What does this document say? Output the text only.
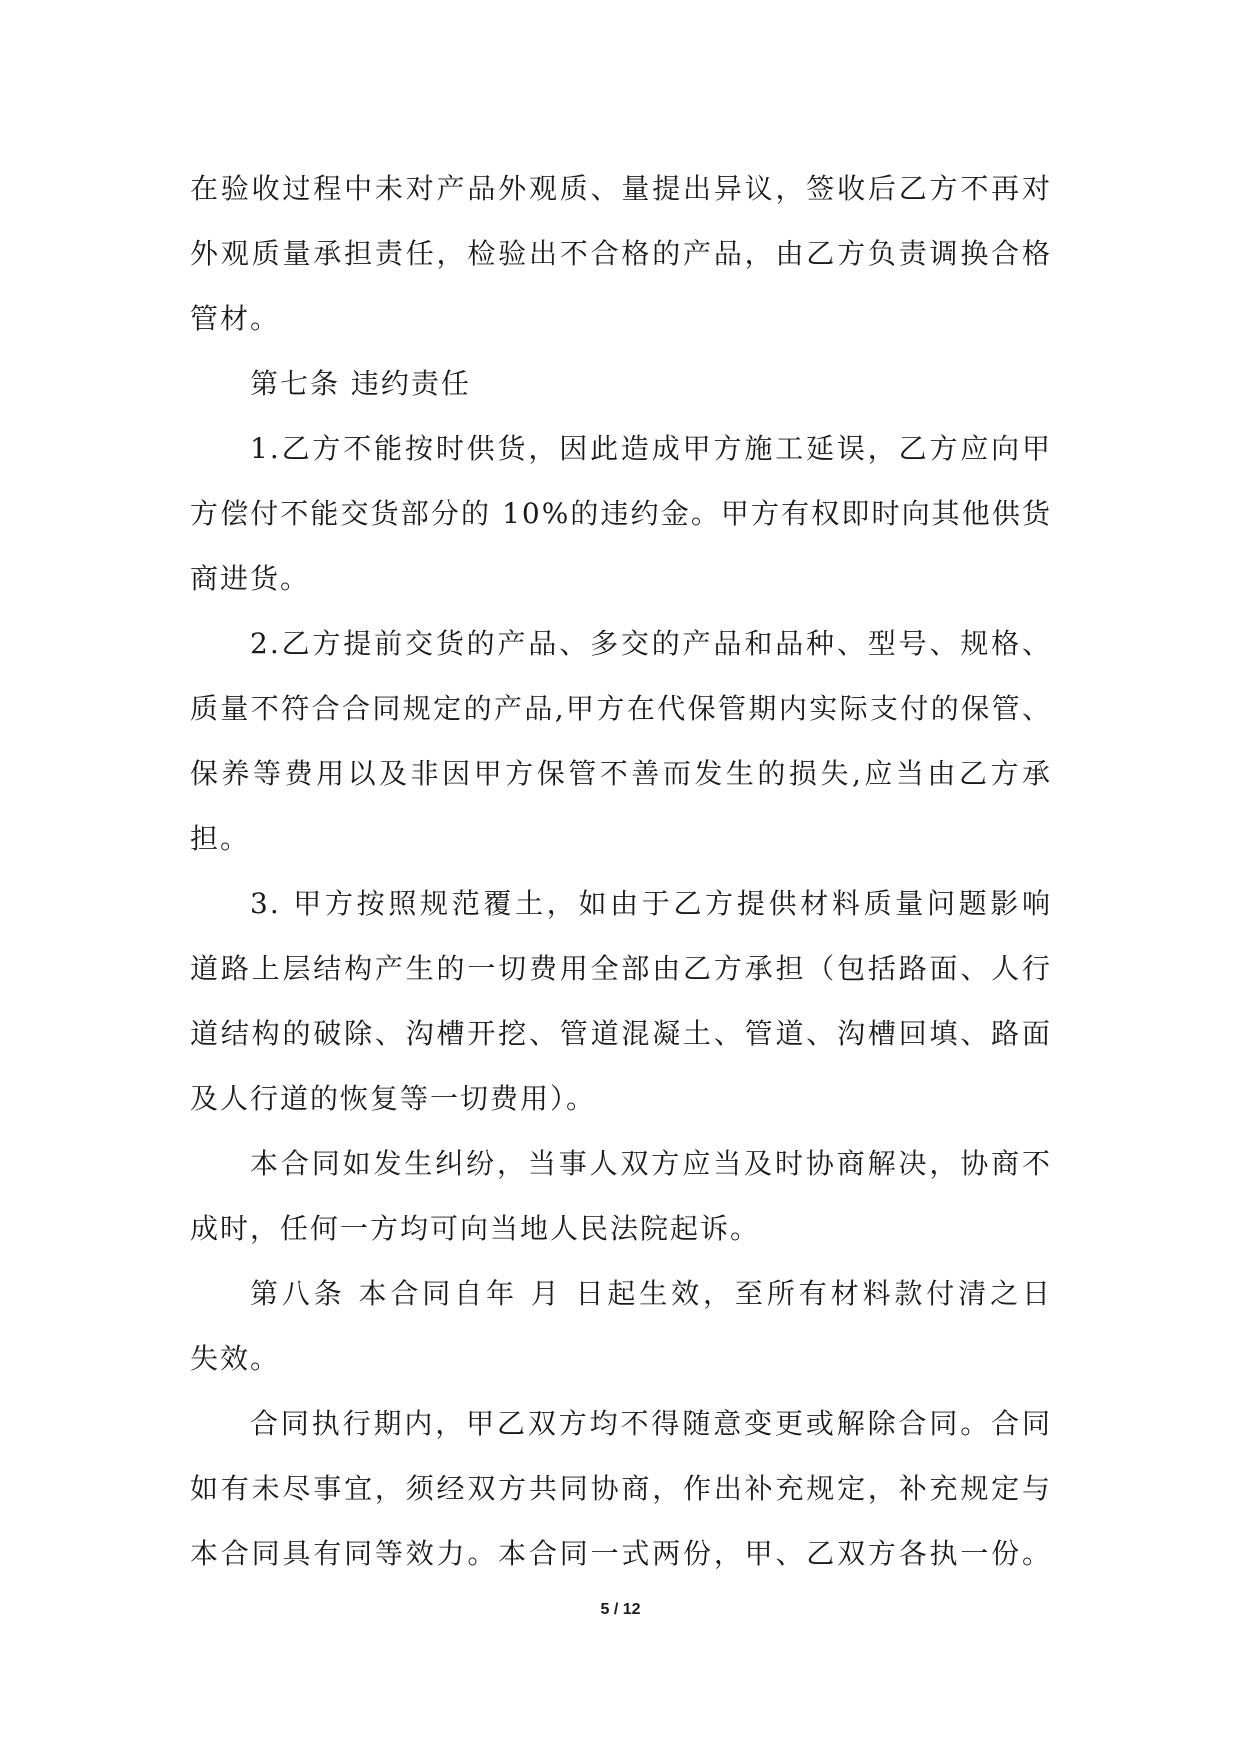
在验收过程中未对产品外观质、量提出异议，签收后乙方不再对
外观质量承担责任，检验出不合格的产品，由乙方负责调换合格
管材。
第七条 违约责任
1.乙方不能按时供货，因此造成甲方施工延误，乙方应向甲
方偿付不能交货部分的 10%的违约金。甲方有权即时向其他供货
商进货。
2.乙方提前交货的产品、多交的产品和品种、型号、规格、
质量不符合合同规定的产品,甲方在代保管期内实际支付的保管、
保养等费用以及非因甲方保管不善而发生的损失,应当由乙方承
担。
3. 甲方按照规范覆土，如由于乙方提供材料质量问题影响
道路上层结构产生的一切费用全部由乙方承担（包括路面、人行
道结构的破除、沟槽开挖、管道混凝土、管道、沟槽回填、路面
及人行道的恢复等一切费用）。
本合同如发生纠纷，当事人双方应当及时协商解决，协商不
成时，任何一方均可向当地人民法院起诉。
第八条 本合同自年 月 日起生效，至所有材料款付清之日
失效。
合同执行期内，甲乙双方均不得随意变更或解除合同。合同
如有未尽事宜，须经双方共同协商，作出补充规定，补充规定与
本合同具有同等效力。本合同一式两份，甲、乙双方各执一份。
5 / 12
